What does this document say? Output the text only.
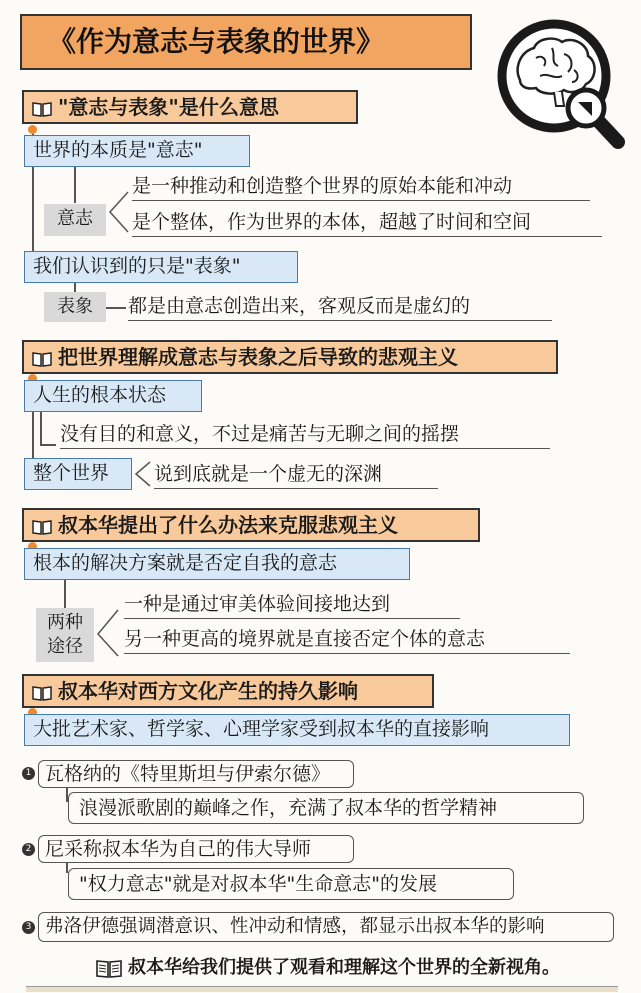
《作为意志与表象的世界》
"意志与表象"是什么意思
世界的本质是"意志"
意志
是一种推动和创造整个世界的原始本能和冲动
是个整体，作为世界的本体，超越了时间和空间
我们认识到的只是"表象"
表象	都是由意志创造出来，客观反而是虚幻的
把世界理解成意志与表象之后导致的悲观主义
人生的根本状态
没有目的和意义，不过是痛苦与无聊之间的摇摆
整个世界	说到底就是一个虚无的深渊
叔本华提出了什么办法来克服悲观主义
根本的解决方案就是否定自我的意志
两种
途径
一种是通过审美体验间接地达到
另一种更高的境界就是直接否定个体的意志
叔本华对西方文化产生的持久影响
大批艺术家、哲学家、心理学家受到叔本华的直接影响
1 瓦格纳的《特里斯坦与伊索尔德》
浪漫派歌剧的巅峰之作，充满了叔本华的哲学精神
2 尼采称叔本华为自己的伟大导师
"权力意志"就是对叔本华"生命意志"的发展
3 弗洛伊德强调潜意识、性冲动和情感，都显示出叔本华的影响
叔本华给我们提供了观看和理解这个世界的全新视角。
